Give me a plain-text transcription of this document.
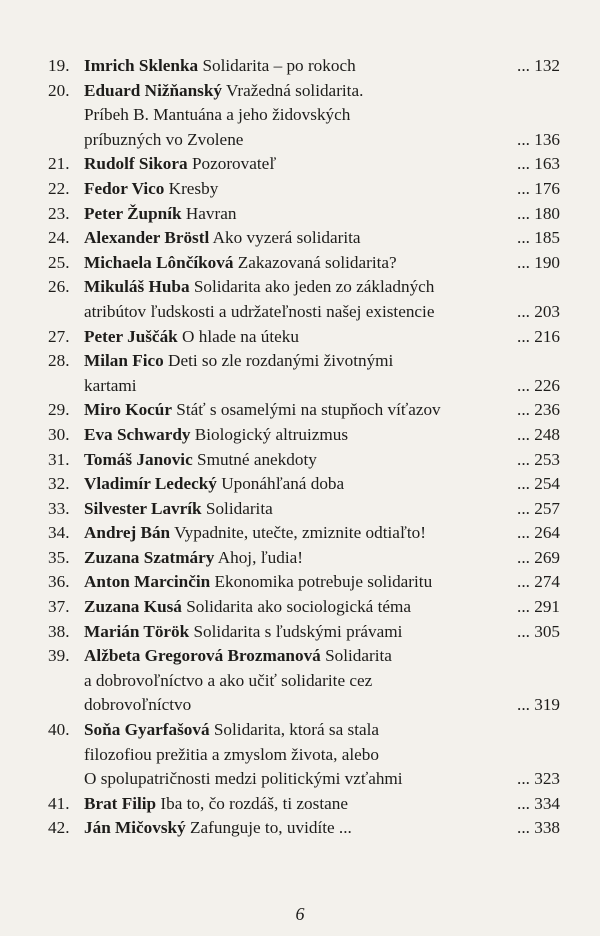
19. Imrich Sklenka Solidarita – po rokoch	... 132
20. Eduard Nižňanský Vražedná solidarita.
Príbeh B. Mantuána a jeho židovských
príbuzných vo Zvolene	... 136
21. Rudolf Sikora Pozorovateľ	... 163
22. Fedor Vico Kresby	... 176
23. Peter Župník Havran	... 180
24. Alexander Bröstl Ako vyzerá solidarita	... 185
25. Michaela Lônčíková Zakazovaná solidarita?	... 190
26. Mikuláš Huba Solidarita ako jeden zo základných
atribútov ľudskosti a udržateľnosti našej existencie	... 203
27. Peter Juščák O hlade na úteku	... 216
28. Milan Fico Deti so zle rozdanými životnými
kartami	... 226
29. Miro Kocúr Stáť s osamelými na stupňoch víťazov	... 236
30. Eva Schwardy Biologický altruizmus	... 248
31. Tomáš Janovic Smutné anekdoty	... 253
32. Vladimír Ledecký Uponáhľaná doba	... 254
33. Silvester Lavrík Solidarita	... 257
34. Andrej Bán Vypadnite, utečte, zmiznite odtiaľto!	... 264
35. Zuzana Szatmáry Ahoj, ľudia!	... 269
36. Anton Marcinčin Ekonomika potrebuje solidaritu	... 274
37. Zuzana Kusá Solidarita ako sociologická téma	... 291
38. Marián Török Solidarita s ľudskými právami	... 305
39. Alžbeta Gregorová Brozmanová Solidarita
a dobrovoľníctvo a ako učiť solidarite cez
dobrovoľníctvo	... 319
40. Soňa Gyarfašová Solidarita, ktorá sa stala
filozofiou prežitia a zmyslom života, alebo
O spolupatričnosti medzi politickými vzťahmi	... 323
41. Brat Filip Iba to, čo rozdáš, ti zostane	... 334
42. Ján Mičovský Zafunguje to, uvidíte ...	... 338
6
